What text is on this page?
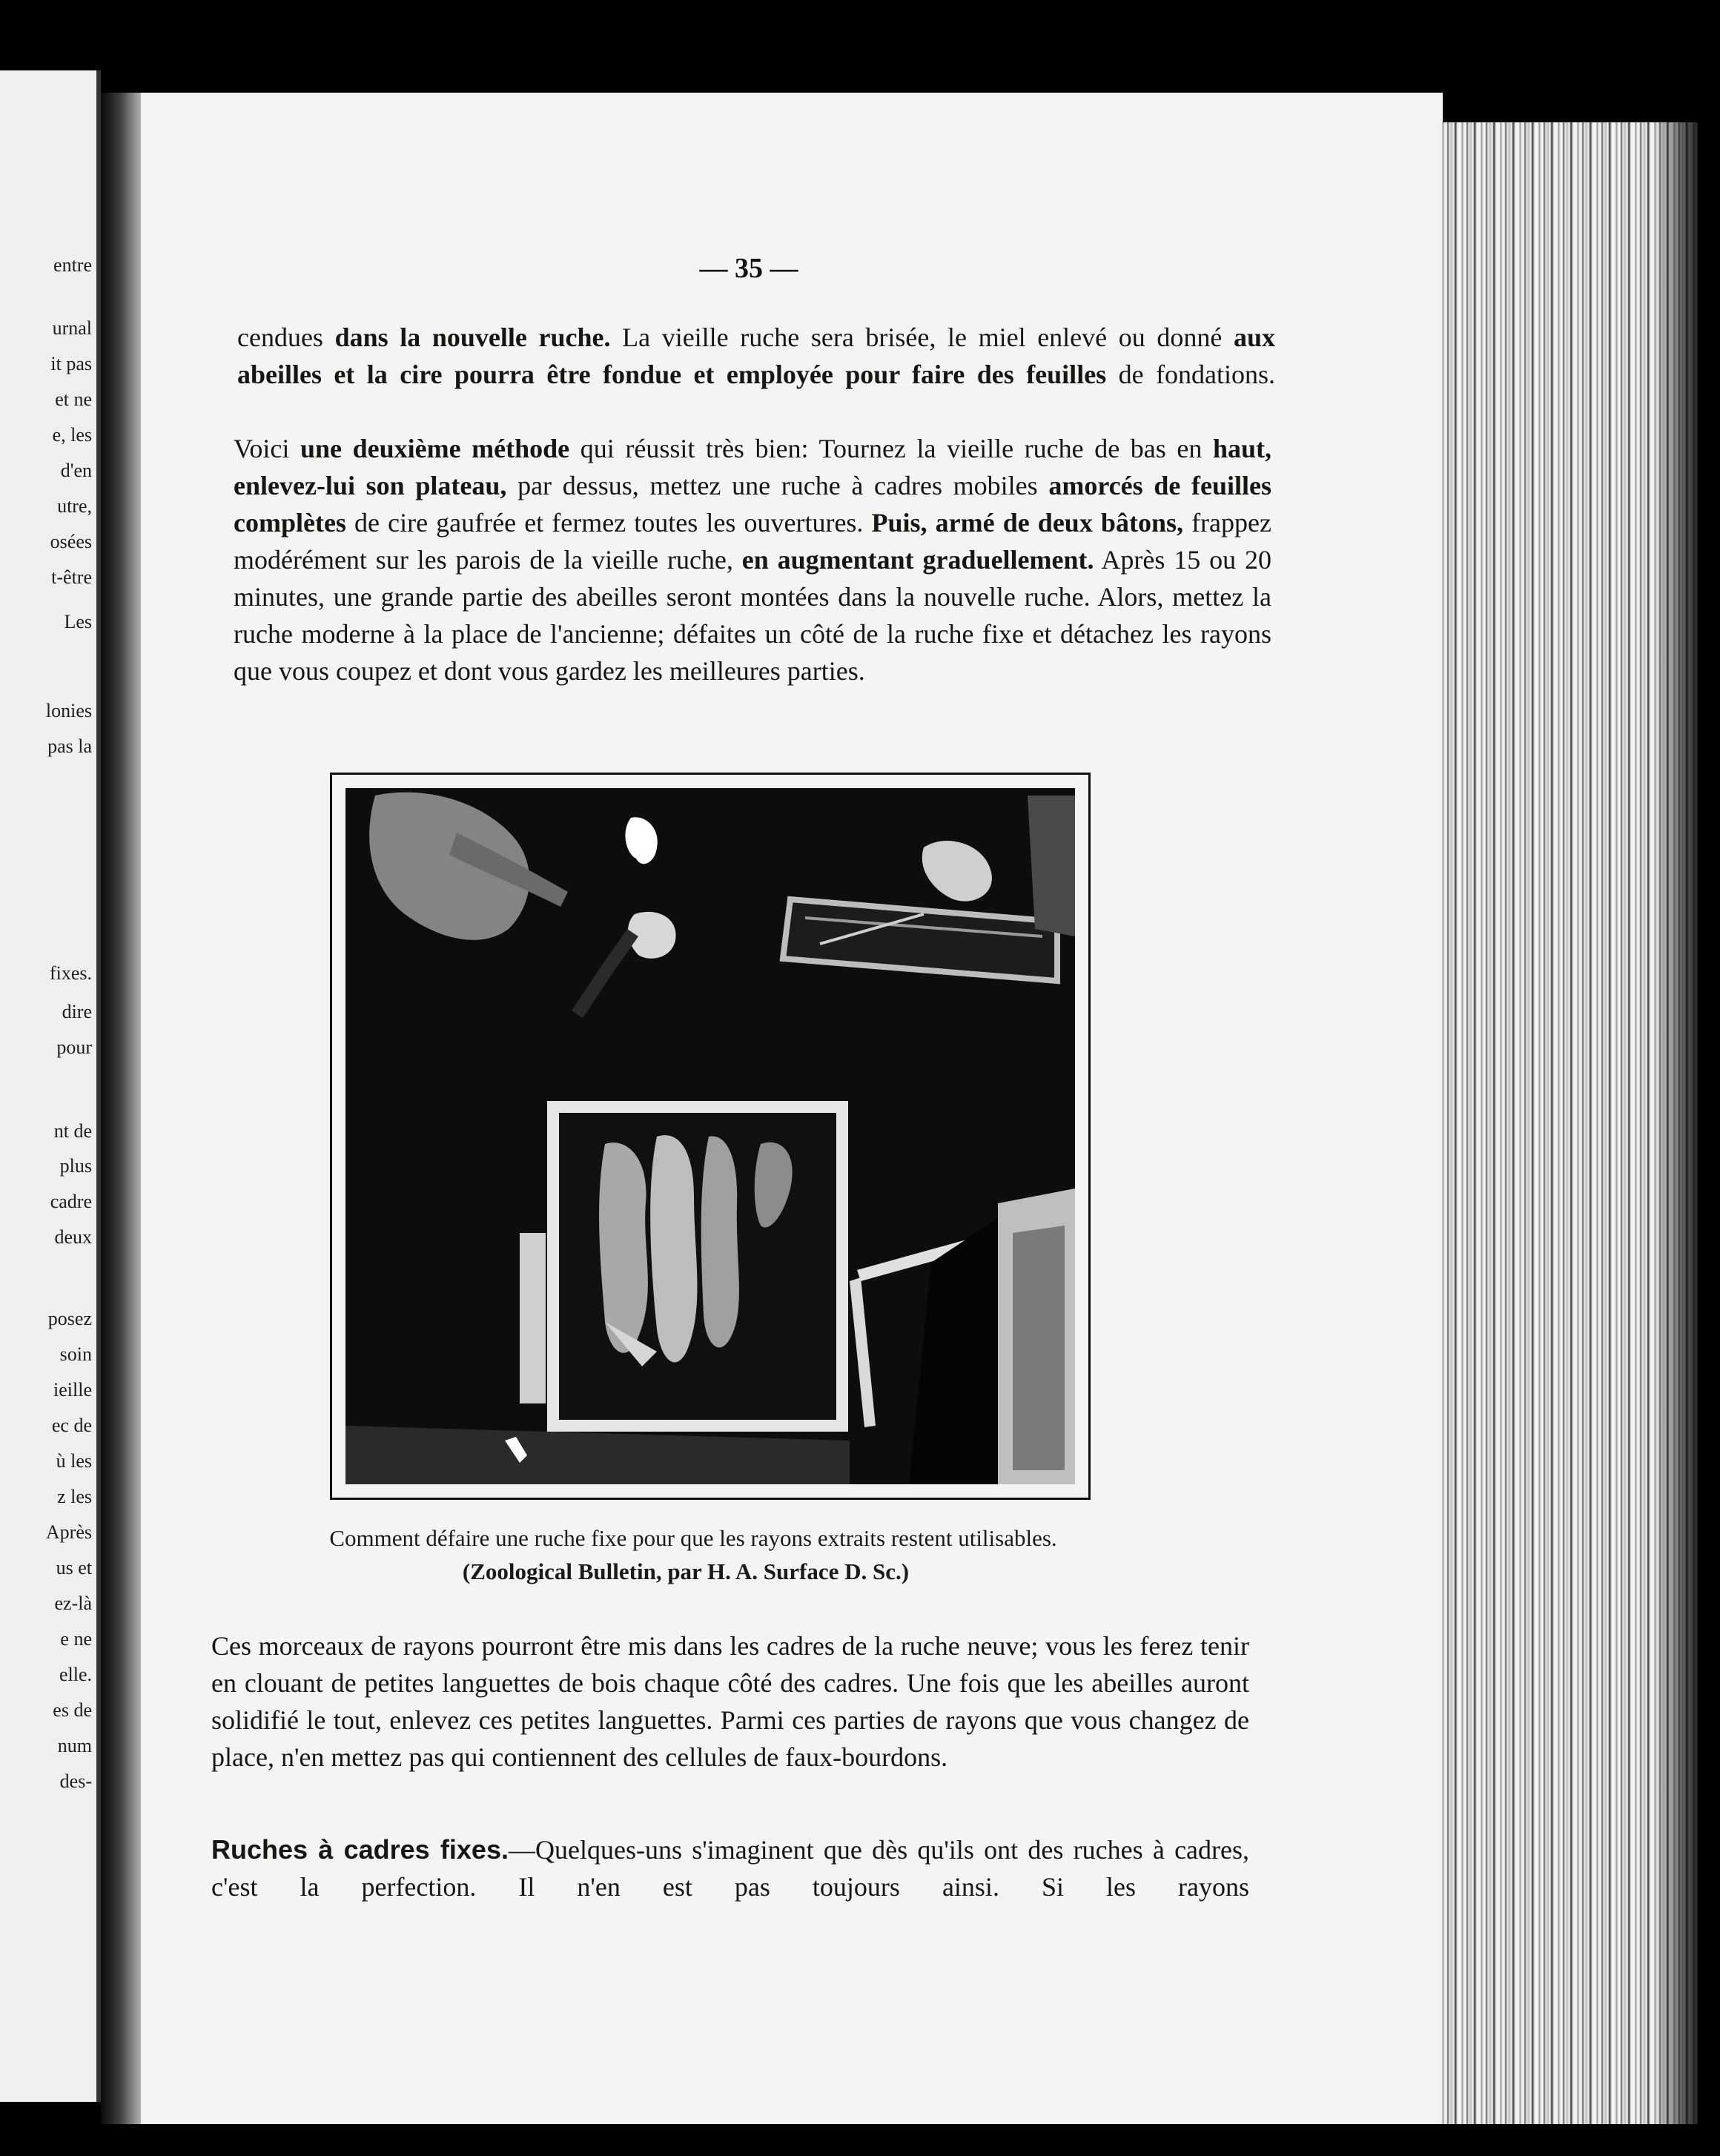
entre

urnal

it pas

et ne

e, les

d'en

utre,

osées

t-être

Les

lonies

pas la

fixes.

dire

pour

nt de

plus

cadre

deux

posez

soin

ieille

ec de

ù les

z les

Après

us et

ez-là

e ne

elle.

es de

num

des-

— 35 —

cendues dans la nouvelle ruche. La vieille ruche sera brisée, le miel enlevé ou donné aux abeilles et la cire pourra être fondue et employée pour faire des feuilles de fondations.

Voici une deuxième méthode qui réussit très bien: Tournez la vieille ruche de bas en haut, enlevez-lui son plateau, par dessus, mettez une ruche à cadres mobiles amorcés de feuilles complètes de cire gaufrée et fermez toutes les ouvertures. Puis, armé de deux bâtons, frappez modérément sur les parois de la vieille ruche, en augmentant graduellement. Après 15 ou 20 minutes, une grande partie des abeilles seront montées dans la nouvelle ruche. Alors, mettez la ruche moderne à la place de l'ancienne; défaites un côté de la ruche fixe et détachez les rayons que vous coupez et dont vous gardez les meilleures parties.

Comment défaire une ruche fixe pour que les rayons extraits restent utilisables.

(Zoological Bulletin, par H. A. Surface D. Sc.)

Ces morceaux de rayons pourront être mis dans les cadres de la ruche neuve; vous les ferez tenir en clouant de petites languettes de bois chaque côté des cadres. Une fois que les abeilles auront solidifié le tout, enlevez ces petites languettes. Parmi ces parties de rayons que vous changez de place, n'en mettez pas qui contiennent des cellules de faux-bourdons.

Ruches à cadres fixes.—Quelques-uns s'imaginent que dès qu'ils ont des ruches à cadres, c'est la perfection. Il n'en est pas toujours ainsi. Si les rayons
